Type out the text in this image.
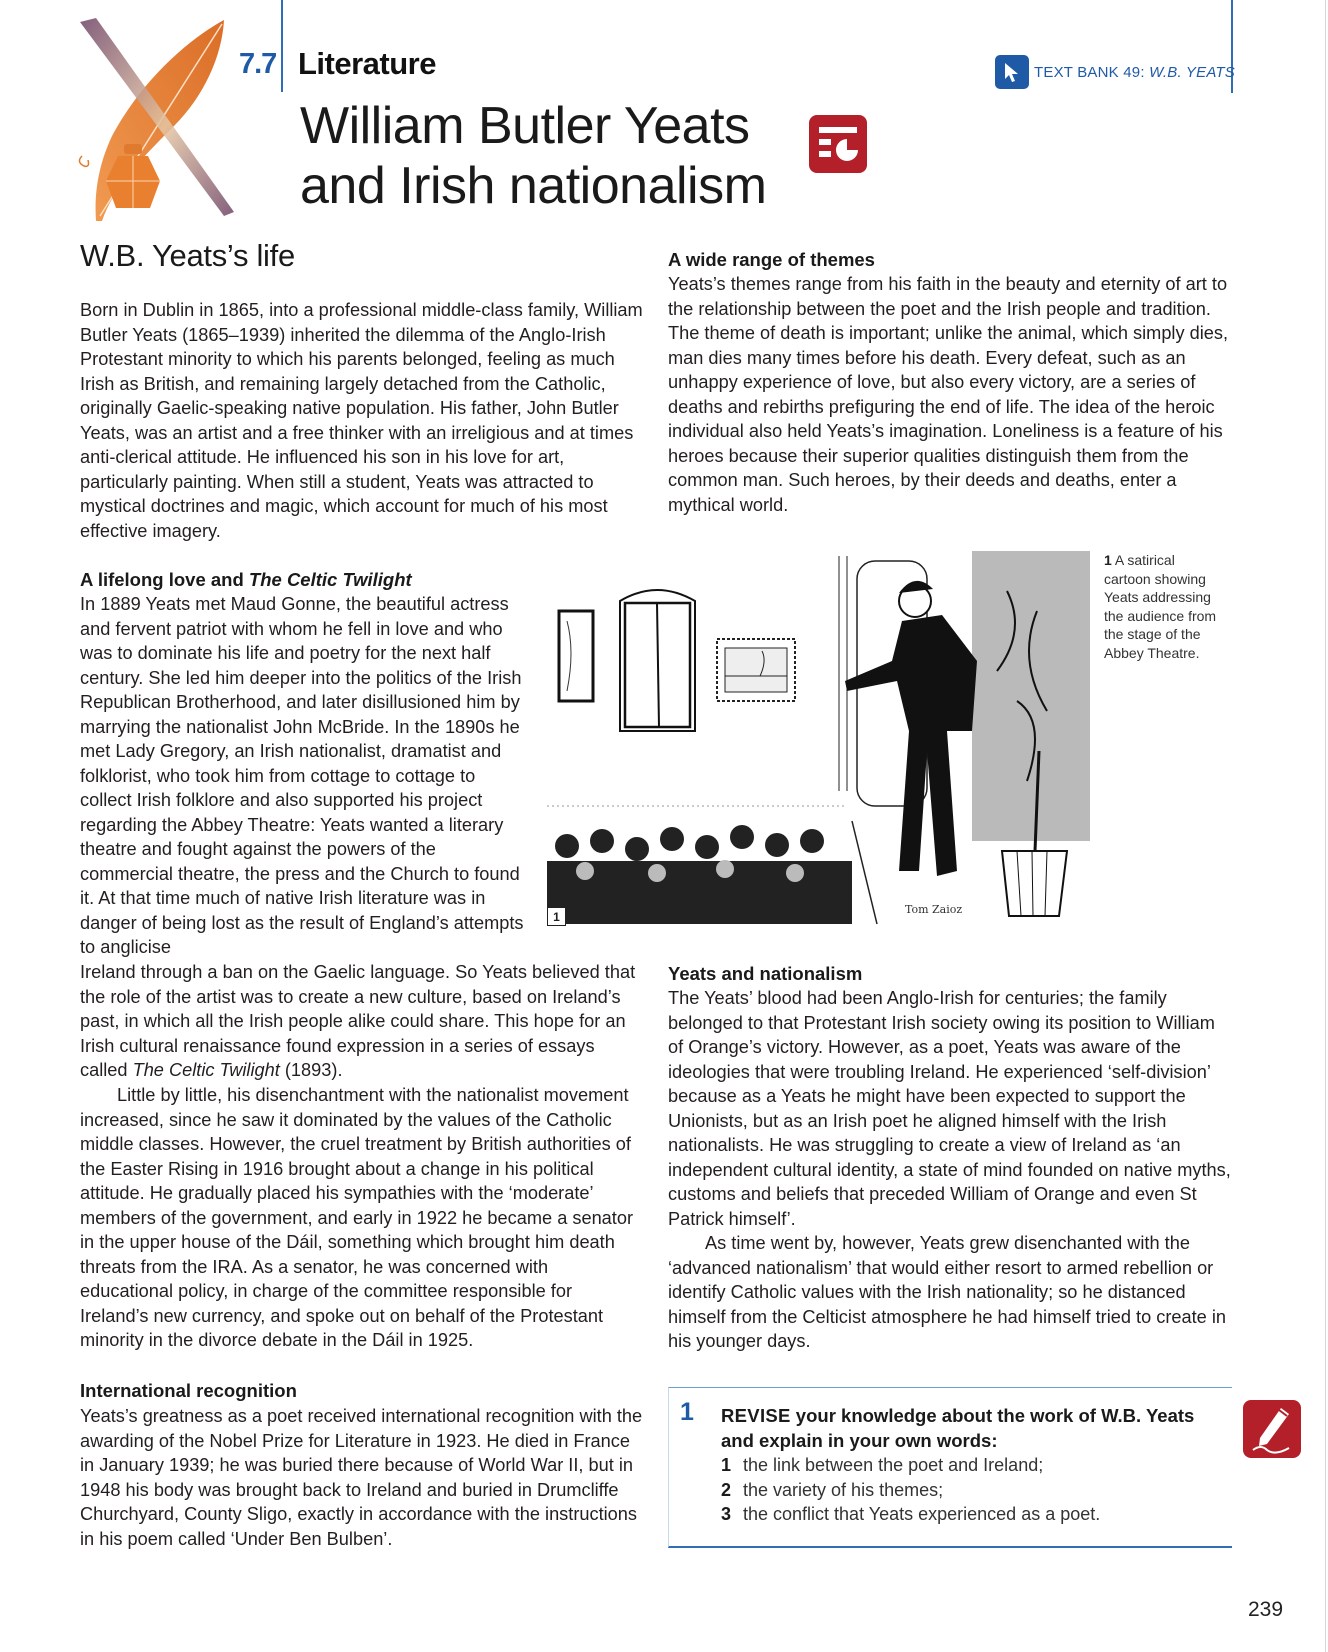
7.7 Literature
William Butler Yeats
and Irish nationalism
TEXT BANK 49: W.B. YEATS
W.B. Yeats’s life

Born in Dublin in 1865, into a professional middle-class family, William Butler Yeats (1865–1939) inherited the dilemma of the Anglo-Irish Protestant minority to which his parents belonged, feeling as much Irish as British, and remaining largely detached from the Catholic, originally Gaelic-speaking native population. His father, John Butler Yeats, was an artist and a free thinker with an irreligious and at times anti-clerical attitude. He influenced his son in his love for art, particularly painting. When still a student, Yeats was attracted to mystical doctrines and magic, which account for much of his most effective imagery.

A lifelong love and The Celtic Twilight

In 1889 Yeats met Maud Gonne, the beautiful actress and fervent patriot with whom he fell in love and who was to dominate his life and poetry for the next half century. She led him deeper into the politics of the Irish Republican Brotherhood, and later disillusioned him by marrying the nationalist John McBride. In the 1890s he met Lady Gregory, an Irish nationalist, dramatist and folklorist, who took him from cottage to cottage to collect Irish folklore and also supported his project regarding the Abbey Theatre: Yeats wanted a literary theatre and fought against the powers of the commercial theatre, the press and the Church to found it. At that time much of native Irish literature was in danger of being lost as the result of England’s attempts to anglicise

Ireland through a ban on the Gaelic language. So Yeats believed that the role of the artist was to create a new culture, based on Ireland’s past, in which all the Irish people alike could share. This hope for an Irish cultural renaissance found expression in a series of essays called The Celtic Twilight (1893).

Little by little, his disenchantment with the nationalist movement increased, since he saw it dominated by the values of the Catholic middle classes. However, the cruel treatment by British authorities of the Easter Rising in 1916 brought about a change in his political attitude. He gradually placed his sympathies with the ‘moderate’ members of the government, and early in 1922 he became a senator in the upper house of the Dáil, something which brought him death threats from the IRA. As a senator, he was concerned with educational policy, in charge of the committee responsible for Ireland’s new currency, and spoke out on behalf of the Protestant minority in the divorce debate in the Dáil in 1925.

International recognition

Yeats’s greatness as a poet received international recognition with the awarding of the Nobel Prize for Literature in 1923. He died in France in January 1939; he was buried there because of World War II, but in 1948 his body was brought back to Ireland and buried in Drumcliffe Churchyard, County Sligo, exactly in accordance with the instructions in his poem called ‘Under Ben Bulben’.

A wide range of themes

Yeats’s themes range from his faith in the beauty and eternity of art to the relationship between the poet and the Irish people and tradition. The theme of death is important; unlike the animal, which simply dies, man dies many times before his death. Every defeat, such as an unhappy experience of love, but also every victory, are a series of deaths and rebirths prefiguring the end of life. The idea of the heroic individual also held Yeats’s imagination. Loneliness is a feature of his heroes because their superior qualities distinguish them from the common man. Such heroes, by their deeds and deaths, enter a mythical world.

Tom Zaioz
1
1 A satirical cartoon showing Yeats addressing the audience from the stage of the Abbey Theatre.
Yeats and nationalism

The Yeats’ blood had been Anglo-Irish for centuries; the family belonged to that Protestant Irish society owing its position to William of Orange’s victory. However, as a poet, Yeats was aware of the ideologies that were troubling Ireland. He experienced ‘self-division’ because as a Yeats he might have been expected to support the Unionists, but as an Irish poet he aligned himself with the Irish nationalists. He was struggling to create a view of Ireland as ‘an independent cultural identity, a state of mind founded on native myths, customs and beliefs that preceded William of Orange and even St Patrick himself’.

As time went by, however, Yeats grew disenchanted with the ‘advanced nationalism’ that would either resort to armed rebellion or identify Catholic values with the Irish nationality; so he distanced himself from the Celticist atmosphere he had himself tried to create in his younger days.

1 REVISE your knowledge about the work of W.B. Yeats and explain in your own words:
1 the link between the poet and Ireland;
2 the variety of his themes;
3 the conflict that Yeats experienced as a poet.
239
